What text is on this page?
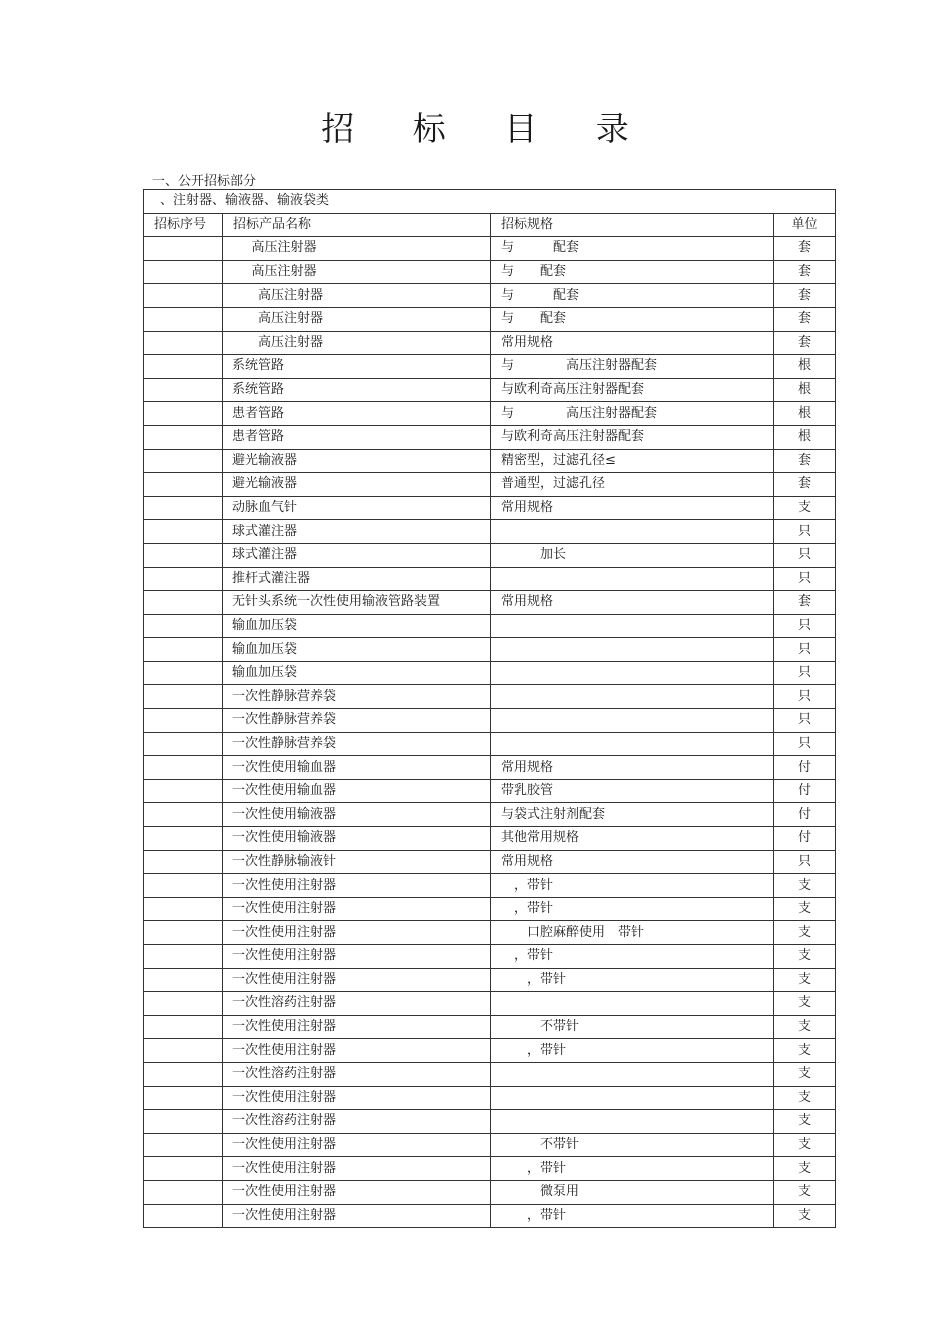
招 标 目 录
一、公开招标部分
、注射器、输液器、输液袋类			
招标序号	招标产品名称	招标规格	单位
	高压注射器	与　　　配套	套
	高压注射器	与　　配套	套
	高压注射器	与　　　配套	套
	高压注射器	与　　配套	套
	高压注射器	常用规格	套
	系统管路	与　　　　高压注射器配套	根
	系统管路	与欧利奇高压注射器配套	根
	患者管路	与　　　　高压注射器配套	根
	患者管路	与欧利奇高压注射器配套	根
	避光输液器	精密型，过滤孔径≤	套
	避光输液器	普通型，过滤孔径	套
	动脉血气针	常用规格	支
	球式灌注器		只
	球式灌注器	加长	只
	推杆式灌注器		只
	无针头系统一次性使用输液管路装置	常用规格	套
	输血加压袋		只
	输血加压袋		只
	输血加压袋		只
	一次性静脉营养袋		只
	一次性静脉营养袋		只
	一次性静脉营养袋		只
	一次性使用输血器	常用规格	付
	一次性使用输血器	带乳胶管	付
	一次性使用输液器	与袋式注射剂配套	付
	一次性使用输液器	其他常用规格	付
	一次性静脉输液针	常用规格	只
	一次性使用注射器	，带针	支
	一次性使用注射器	，带针	支
	一次性使用注射器	口腔麻醉使用　带针	支
	一次性使用注射器	，带针	支
	一次性使用注射器	，带针	支
	一次性溶药注射器		支
	一次性使用注射器	不带针	支
	一次性使用注射器	，带针	支
	一次性溶药注射器		支
	一次性使用注射器		支
	一次性溶药注射器		支
	一次性使用注射器	不带针	支
	一次性使用注射器	，带针	支
	一次性使用注射器	微泵用	支
	一次性使用注射器	，带针	支
